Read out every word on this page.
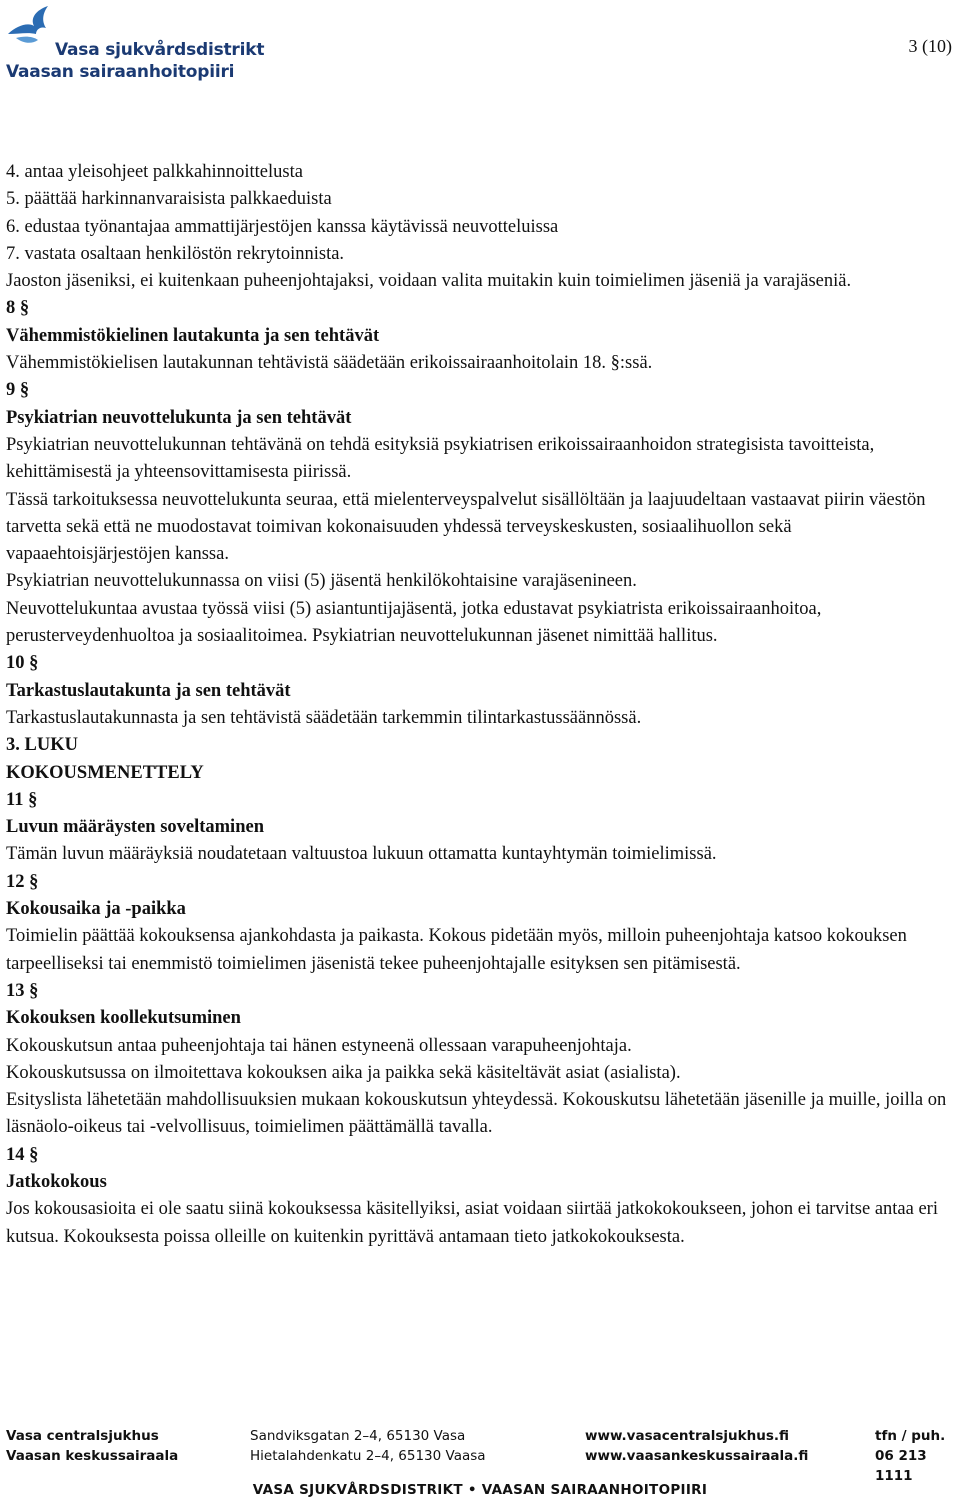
Vasa sjukvårdsdistrikt
Vaasan sairaanhoitopiiri
3 (10)
4. antaa yleisohjeet palkkahinnoittelusta
5. päättää harkinnanvaraisista palkkaeduista
6. edustaa työnantajaa ammattijärjestöjen kanssa käytävissä neuvotteluissa
7. vastata osaltaan henkilöstön rekrytoinnista.

Jaoston jäseniksi, ei kuitenkaan puheenjohtajaksi, voidaan valita muitakin kuin toimielimen jäseniä ja varajäseniä.

8 §

Vähemmistökielinen lautakunta ja sen tehtävät

Vähemmistökielisen lautakunnan tehtävistä säädetään erikoissairaanhoitolain 18. §:ssä.

9 §

Psykiatrian neuvottelukunta ja sen tehtävät

Psykiatrian neuvottelukunnan tehtävänä on tehdä esityksiä psykiatrisen erikoissairaanhoidon strategisista tavoitteista, kehittämisestä ja yhteensovittamisesta piirissä.

Tässä tarkoituksessa neuvottelukunta seuraa, että mielenterveyspalvelut sisällöltään ja laajuudeltaan vastaavat piirin väestön tarvetta sekä että ne muodostavat toimivan kokonaisuuden yhdessä terveyskeskusten, sosiaalihuollon sekä vapaaehtoisjärjestöjen kanssa.

Psykiatrian neuvottelukunnassa on viisi (5) jäsentä henkilökohtaisine varajäsenineen.

Neuvottelukuntaa avustaa työssä viisi (5) asiantuntijajäsentä, jotka edustavat psykiatrista erikoissairaanhoitoa, perusterveydenhuoltoa ja sosiaalitoimea. Psykiatrian neuvottelukunnan jäsenet nimittää hallitus.

10 §

Tarkastuslautakunta ja sen tehtävät

Tarkastuslautakunnasta ja sen tehtävistä säädetään tarkemmin tilintarkastussäännössä.

3. LUKU

KOKOUSMENETTELY

11 §

Luvun määräysten soveltaminen

Tämän luvun määräyksiä noudatetaan valtuustoa lukuun ottamatta kuntayhtymän toimielimissä.

12 §

Kokousaika ja -paikka

Toimielin päättää kokouksensa ajankohdasta ja paikasta. Kokous pidetään myös, milloin puheenjohtaja katsoo kokouksen tarpeelliseksi tai enemmistö toimielimen jäsenistä tekee puheenjohtajalle esityksen sen pitämisestä.

13 §

Kokouksen koollekutsuminen

Kokouskutsun antaa puheenjohtaja tai hänen estyneenä ollessaan varapuheenjohtaja.

Kokouskutsussa on ilmoitettava kokouksen aika ja paikka sekä käsiteltävät asiat (asialista).

Esityslista lähetetään mahdollisuuksien mukaan kokouskutsun yhteydessä. Kokouskutsu lähetetään jäsenille ja muille, joilla on läsnäolo-oikeus tai -velvollisuus, toimielimen päättämällä tavalla.

14 §

Jatkokokous

Jos kokousasioita ei ole saatu siinä kokouksessa käsitellyiksi, asiat voidaan siirtää jatkokokoukseen, johon ei tarvitse antaa eri kutsua. Kokouksesta poissa olleille on kuitenkin pyrittävä antamaan tieto jatkokokouksesta.

Vasa centralsjukhus
Vaasan keskussairaala
Sandviksgatan 2–4, 65130 Vasa
Hietalahdenkatu 2–4, 65130 Vaasa
www.vasacentralsjukhus.fi
www.vaasankeskussairaala.fi
tfn / puh.
06 213 1111
VASA SJUKVÅRDSDISTRIKT • VAASAN SAIRAANHOITOPIIRI
